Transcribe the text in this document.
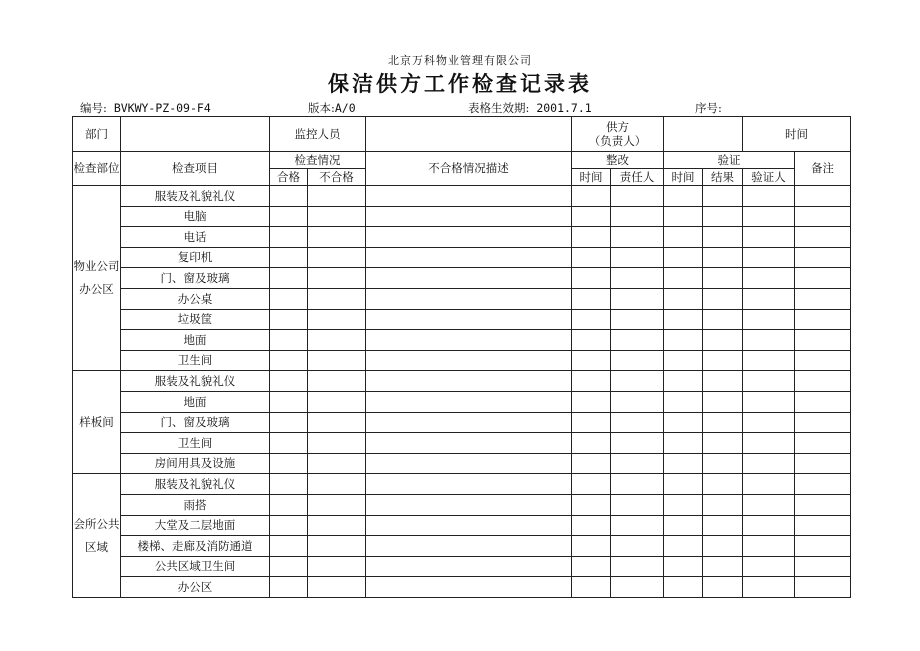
北京万科物业管理有限公司
保洁供方工作检查记录表
编号: BVKWY-PZ-09-F4	版本:A/0	表格生效期: 2001.7.1	序号:
部门		监控人员			供方
（负责人）				时间	
检查部位	检查项目	检查情况		不合格情况描述	整改		验证			备注
		合格	不合格		时间	责任人	时间	结果	验证人	
物业公司办公区	服装及礼貌礼仪									
	电脑									
	电话									
	复印机									
	门、窗及玻璃									
	办公桌									
	垃圾筐									
	地面									
	卫生间									
样板间	服装及礼貌礼仪									
	地面									
	门、窗及玻璃									
	卫生间									
	房间用具及设施									
会所公共区域	服装及礼貌礼仪									
	雨搭									
	大堂及二层地面									
	楼梯、走廊及消防通道									
	公共区域卫生间									
	办公区									
